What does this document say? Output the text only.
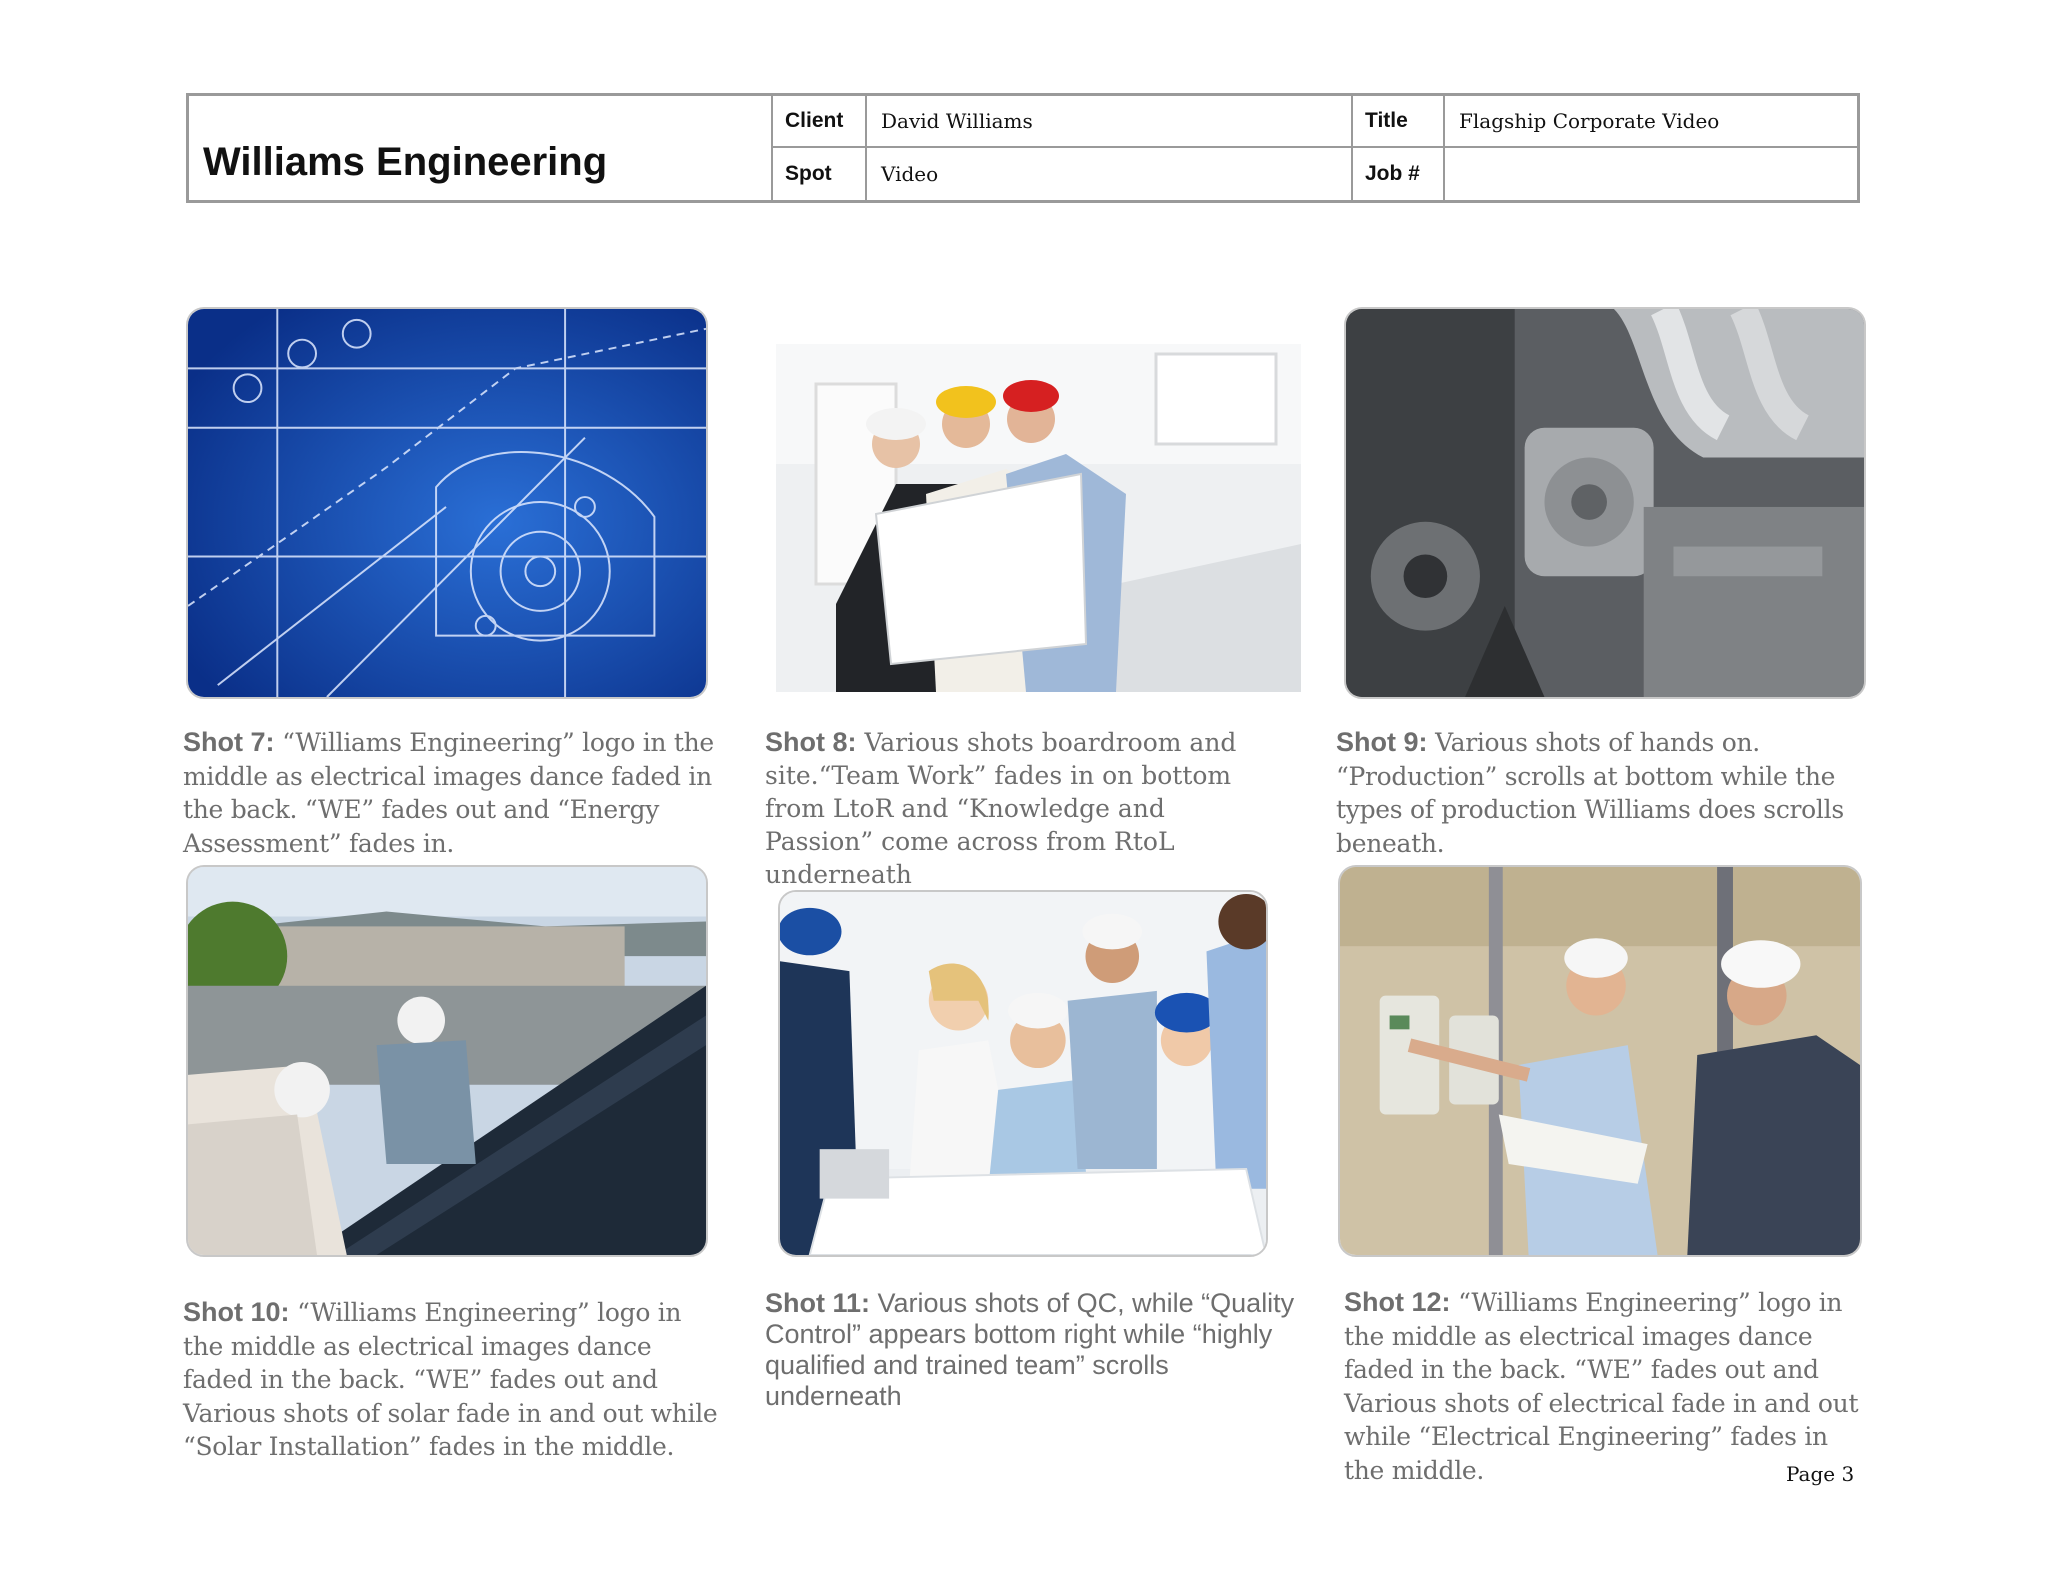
Williams Engineering
Client	David Williams	Title	Flagship Corporate Video
Spot	Video	Job #
Shot 7: “Williams Engineering” logo in the middle as electrical images dance faded in the back. “WE” fades out and “Energy Assessment” fades in.
Shot 8: Various shots boardroom and site.“Team Work” fades in on bottom from LtoR and “Knowledge and Passion” come across from RtoL underneath
Shot 9: Various shots of hands on. “Production” scrolls at bottom while the types of production Williams does scrolls beneath.
Shot 10: “Williams Engineering” logo in the middle as electrical images dance faded in the back. “WE” fades out and Various shots of solar fade in and out while “Solar Installation” fades in the middle.
Shot 11: Various shots of QC, while “Quality Control” appears bottom right while “highly qualified and trained team” scrolls underneath
Shot 12: “Williams Engineering” logo in the middle as electrical images dance faded in the back. “WE” fades out and Various shots of electrical fade in and out while “Electrical Engineering” fades in the middle.	Page 3
